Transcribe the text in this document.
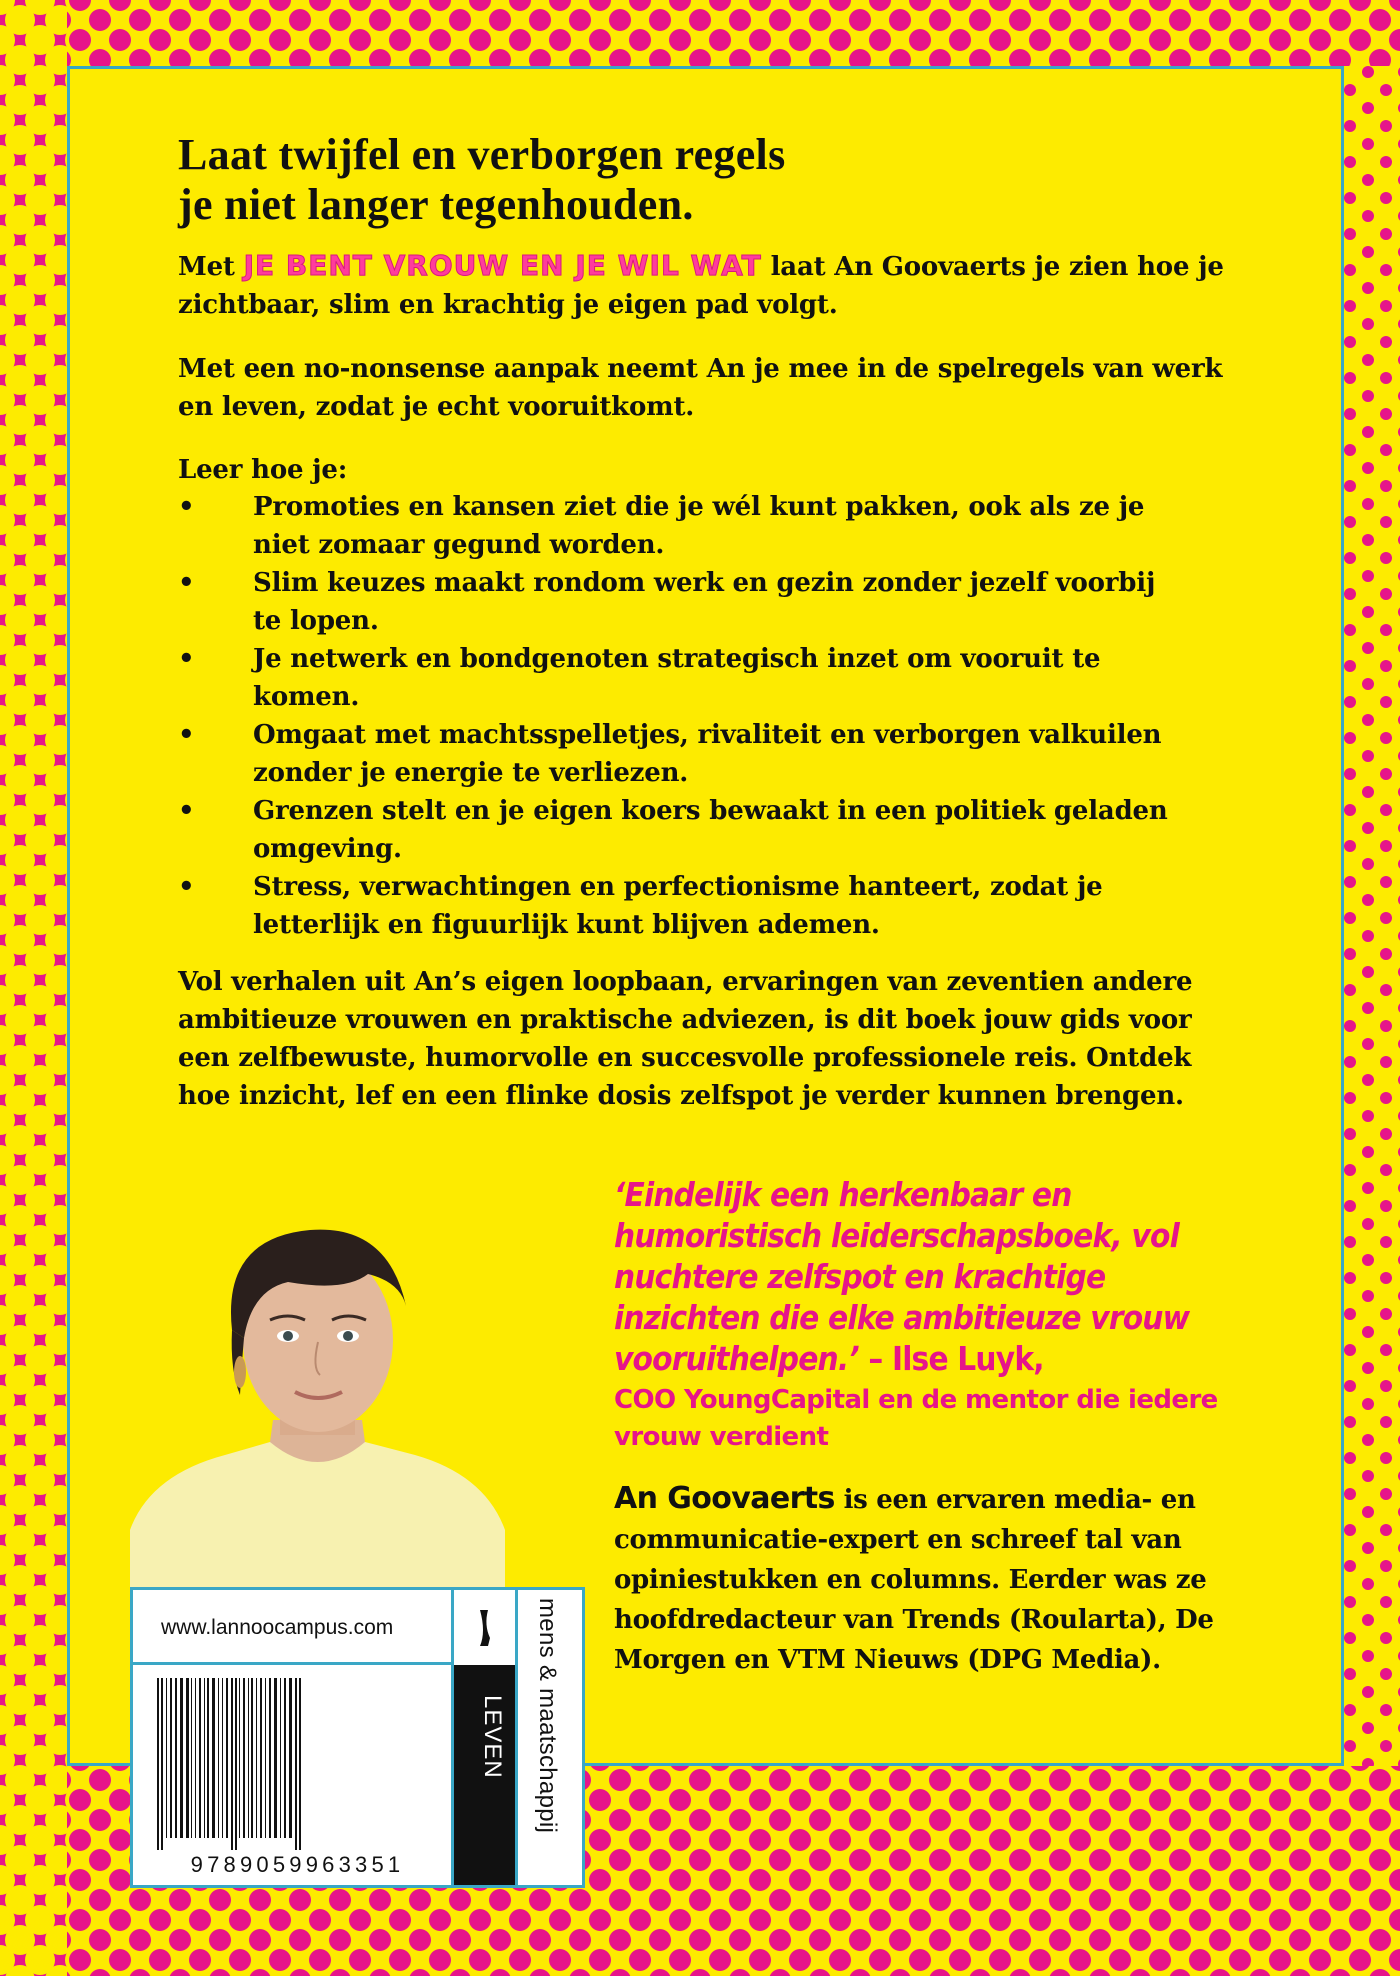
Laat twijfel en verborgen regels
je niet langer tegenhouden.
Met JE BENT VROUW EN JE WIL WAT laat An Goovaerts je zien hoe je zichtbaar, slim en krachtig je eigen pad volgt.
Met een no-nonsense aanpak neemt An je mee in de spelregels van werk en leven, zodat je echt vooruitkomt.
Leer hoe je:
• Promoties en kansen ziet die je wél kunt pakken, ook als ze je niet zomaar gegund worden.
• Slim keuzes maakt rondom werk en gezin zonder jezelf voorbij te lopen.
• Je netwerk en bondgenoten strategisch inzet om vooruit te komen.
• Omgaat met machtsspelletjes, rivaliteit en verborgen valkuilen zonder je energie te verliezen.
• Grenzen stelt en je eigen koers bewaakt in een politiek geladen omgeving.
• Stress, verwachtingen en perfectionisme hanteert, zodat je letterlijk en figuurlijk kunt blijven ademen.
Vol verhalen uit An’s eigen loopbaan, ervaringen van zeventien andere ambitieuze vrouwen en praktische adviezen, is dit boek jouw gids voor een zelfbewuste, humorvolle en succesvolle professionele reis. Ontdek hoe inzicht, lef en een flinke dosis zelfspot je verder kunnen brengen.
‘Eindelijk een herkenbaar en humoristisch leiderschapsboek, vol nuchtere zelfspot en krachtige inzichten die elke ambitieuze vrouw vooruithelpen.’ – Ilse Luyk,
COO YoungCapital en de mentor die iedere vrouw verdient
An Goovaerts is een ervaren media- en communicatie-expert en schreef tal van opiniestukken en columns. Eerder was ze hoofdredacteur van Trends (Roularta), De Morgen en VTM Nieuws (DPG Media).
www.lannoocampus.com
LEVEN mens & maatschappij
9789059963351
